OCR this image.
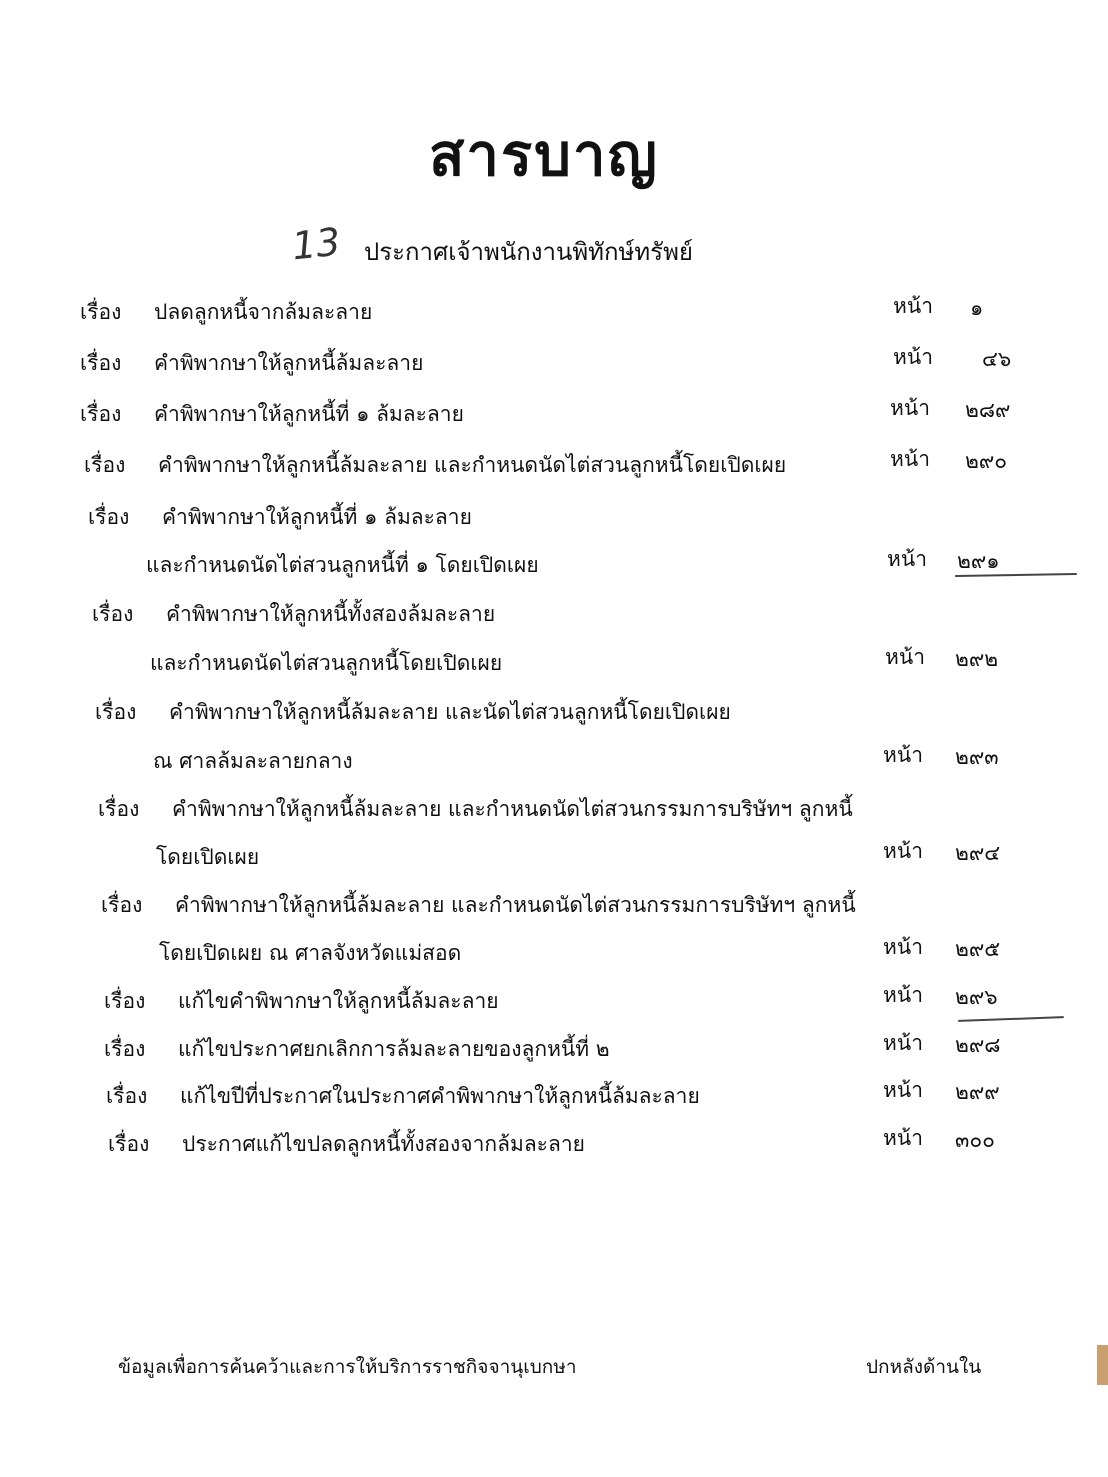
สารบาญ
13 ประกาศเจ้าพนักงานพิทักษ์ทรัพย์
เรื่อง ปลดลูกหนี้จากล้มละลาย	หน้า ๑
เรื่อง คำพิพากษาให้ลูกหนี้ล้มละลาย	หน้า ๔๖
เรื่อง คำพิพากษาให้ลูกหนี้ที่ ๑ ล้มละลาย	หน้า ๒๘๙
เรื่อง คำพิพากษาให้ลูกหนี้ล้มละลาย และกำหนดนัดไต่สวนลูกหนี้โดยเปิดเผย	หน้า ๒๙๐
เรื่อง คำพิพากษาให้ลูกหนี้ที่ ๑ ล้มละลาย
และกำหนดนัดไต่สวนลูกหนี้ที่ ๑ โดยเปิดเผย	หน้า ๒๙๑
เรื่อง คำพิพากษาให้ลูกหนี้ทั้งสองล้มละลาย
และกำหนดนัดไต่สวนลูกหนี้โดยเปิดเผย	หน้า ๒๙๒
เรื่อง คำพิพากษาให้ลูกหนี้ล้มละลาย และนัดไต่สวนลูกหนี้โดยเปิดเผย
ณ ศาลล้มละลายกลาง	หน้า ๒๙๓
เรื่อง คำพิพากษาให้ลูกหนี้ล้มละลาย และกำหนดนัดไต่สวนกรรมการบริษัทฯ ลูกหนี้
โดยเปิดเผย	หน้า ๒๙๔
เรื่อง คำพิพากษาให้ลูกหนี้ล้มละลาย และกำหนดนัดไต่สวนกรรมการบริษัทฯ ลูกหนี้
โดยเปิดเผย ณ ศาลจังหวัดแม่สอด	หน้า ๒๙๕
เรื่อง แก้ไขคำพิพากษาให้ลูกหนี้ล้มละลาย	หน้า ๒๙๖
เรื่อง แก้ไขประกาศยกเลิกการล้มละลายของลูกหนี้ที่ ๒	หน้า ๒๙๘
เรื่อง แก้ไขปีที่ประกาศในประกาศคำพิพากษาให้ลูกหนี้ล้มละลาย	หน้า ๒๙๙
เรื่อง ประกาศแก้ไขปลดลูกหนี้ทั้งสองจากล้มละลาย	หน้า ๓๐๐
ข้อมูลเพื่อการค้นคว้าและการให้บริการราชกิจจานุเบกษา	ปกหลังด้านใน
